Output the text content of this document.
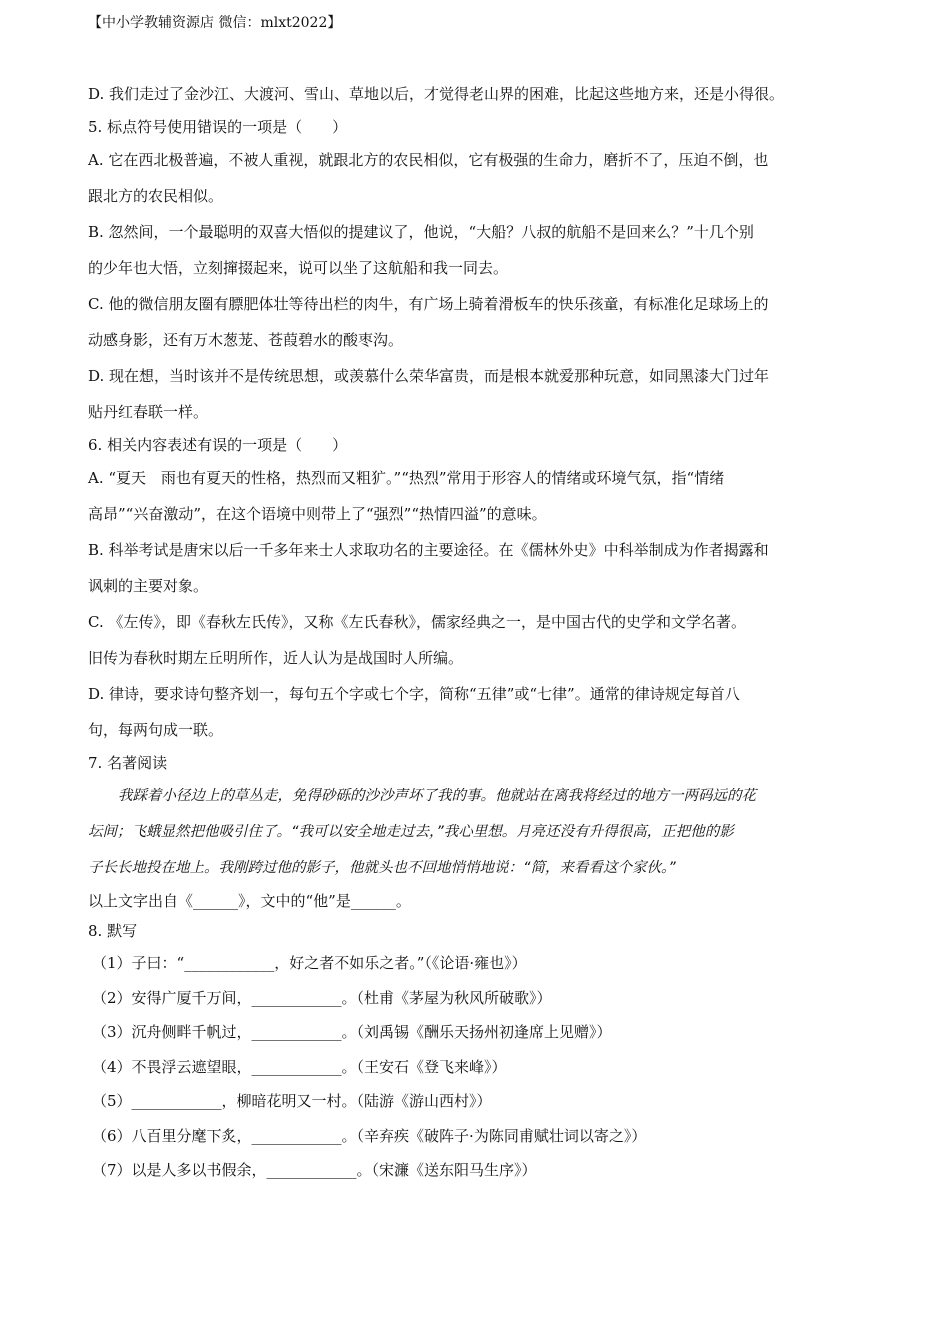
【中小学教辅资源店 微信：mlxt2022】
D. 我们走过了金沙江、大渡河、雪山、草地以后，才觉得老山界的困难，比起这些地方来，还是小得很。
5. 标点符号使用错误的一项是（　　）
A. 它在西北极普遍，不被人重视，就跟北方的农民相似，它有极强的生命力，磨折不了，压迫不倒，也
跟北方的农民相似。
B. 忽然间，一个最聪明的双喜大悟似的提建议了，他说，“大船？八叔的航船不是回来么？”十几个别
的少年也大悟，立刻撺掇起来，说可以坐了这航船和我一同去。
C. 他的微信朋友圈有膘肥体壮等待出栏的肉牛，有广场上骑着滑板车的快乐孩童，有标准化足球场上的
动感身影，还有万木葱茏、苍葭碧水的酸枣沟。
D. 现在想，当时该并不是传统思想，或羡慕什么荣华富贵，而是根本就爱那种玩意，如同黑漆大门过年
贴丹红春联一样。
6. 相关内容表述有误的一项是（　　）
A. “夏天　雨也有夏天的性格，热烈而又粗犷。”“热烈”常用于形容人的情绪或环境气氛，指“情绪
高昂”“兴奋激动”，在这个语境中则带上了“强烈”“热情四溢”的意味。
B. 科举考试是唐宋以后一千多年来士人求取功名的主要途径。在《儒林外史》中科举制成为作者揭露和
讽刺的主要对象。
C. 《左传》，即《春秋左氏传》，又称《左氏春秋》，儒家经典之一，是中国古代的史学和文学名著。
旧传为春秋时期左丘明所作，近人认为是战国时人所编。
D. 律诗，要求诗句整齐划一，每句五个字或七个字，简称“五律”或“七律”。通常的律诗规定每首八
句，每两句成一联。
7. 名著阅读
我踩着小径边上的草丛走，免得砂砾的沙沙声坏了我的事。他就站在离我将经过的地方一两码远的花
坛间；飞蛾显然把他吸引住了。“我可以安全地走过去，”我心里想。月亮还没有升得很高，正把他的影
子长长地投在地上。我刚跨过他的影子，他就头也不回地悄悄地说：“简，来看看这个家伙。”
以上文字出自《______》，文中的“他”是______。
8. 默写
（1）子曰：“____________，好之者不如乐之者。”（《论语·雍也》）
（2）安得广厦千万间，____________。（杜甫《茅屋为秋风所破歌》）
（3）沉舟侧畔千帆过，____________。（刘禹锡《酬乐天扬州初逢席上见赠》）
（4）不畏浮云遮望眼，____________。（王安石《登飞来峰》）
（5）____________，柳暗花明又一村。（陆游《游山西村》）
（6）八百里分麾下炙，____________。（辛弃疾《破阵子·为陈同甫赋壮词以寄之》）
（7）以是人多以书假余，____________。（宋濂《送东阳马生序》）
